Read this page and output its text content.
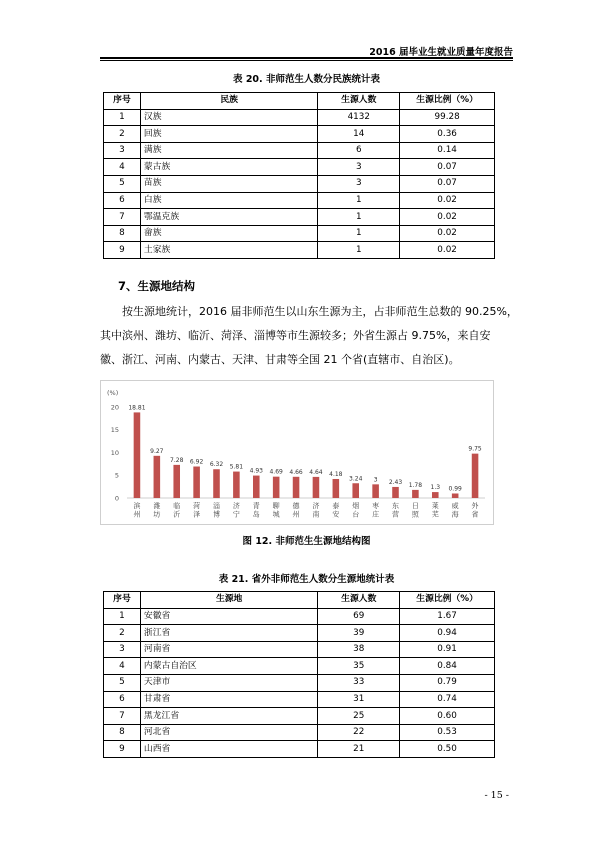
2016 届毕业生就业质量年度报告
表 20. 非师范生人数分民族统计表
序号	民族	生源人数	生源比例（%）
1	汉族	4132	99.28
2	回族	14	0.36
3	满族	6	0.14
4	蒙古族	3	0.07
5	苗族	3	0.07
6	白族	1	0.02
7	鄂温克族	1	0.02
8	畲族	1	0.02
9	土家族	1	0.02
7、生源地结构
按生源地统计，2016 届非师范生以山东生源为主，占非师范生总数的 90.25%，
其中滨州、潍坊、临沂、菏泽、淄博等市生源较多；外省生源占 9.75%，来自安
徽、浙江、河南、内蒙古、天津、甘肃等全国 21 个省(直辖市、自治区)。
(%)
0
5
10
15
20 18.81
滨州
9.27
潍坊
7.28
临沂
6.92
菏泽
6.32
淄博
5.81
济宁
4.93
青岛
4.69
聊城
4.66
德州
4.64
济南
4.18
泰安
3.24
烟台
3
枣庄
2.43
东营
1.78
日照
1.3
莱芜
0.99
威海
9.75
外省
图 12. 非师范生生源地结构图
表 21. 省外非师范生人数分生源地统计表
序号	生源地	生源人数	生源比例（%）
1	安徽省	69	1.67
2	浙江省	39	0.94
3	河南省	38	0.91
4	内蒙古自治区	35	0.84
5	天津市	33	0.79
6	甘肃省	31	0.74
7	黑龙江省	25	0.60
8	河北省	22	0.53
9	山西省	21	0.50
- 15 -
